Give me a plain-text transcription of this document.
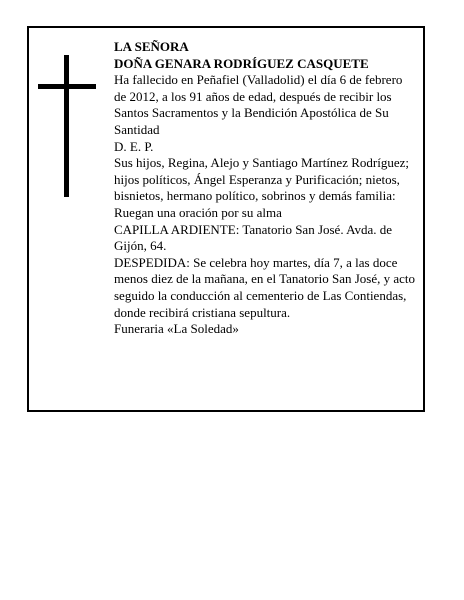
LA SEÑORA

DOÑA GENARA RODRÍGUEZ CASQUETE

Ha fallecido en Peñafiel (Valladolid) el día 6 de febrero de 2012, a los 91 años de edad, después de recibir los Santos Sacramentos y la Bendición Apostólica de Su Santidad

D. E. P.

Sus hijos, Regina, Alejo y Santiago Martínez Rodríguez; hijos políticos, Ángel Esperanza y Purificación; nietos, bisnietos, hermano político, sobrinos y demás familia:

Ruegan una oración por su alma

CAPILLA ARDIENTE: Tanatorio San José. Avda. de Gijón, 64.

DESPEDIDA: Se celebra hoy martes, día 7, a las doce menos diez de la mañana, en el Tanatorio San José, y acto seguido la conducción al cementerio de Las Contiendas, donde recibirá cristiana sepultura.

Funeraria «La Soledad»
